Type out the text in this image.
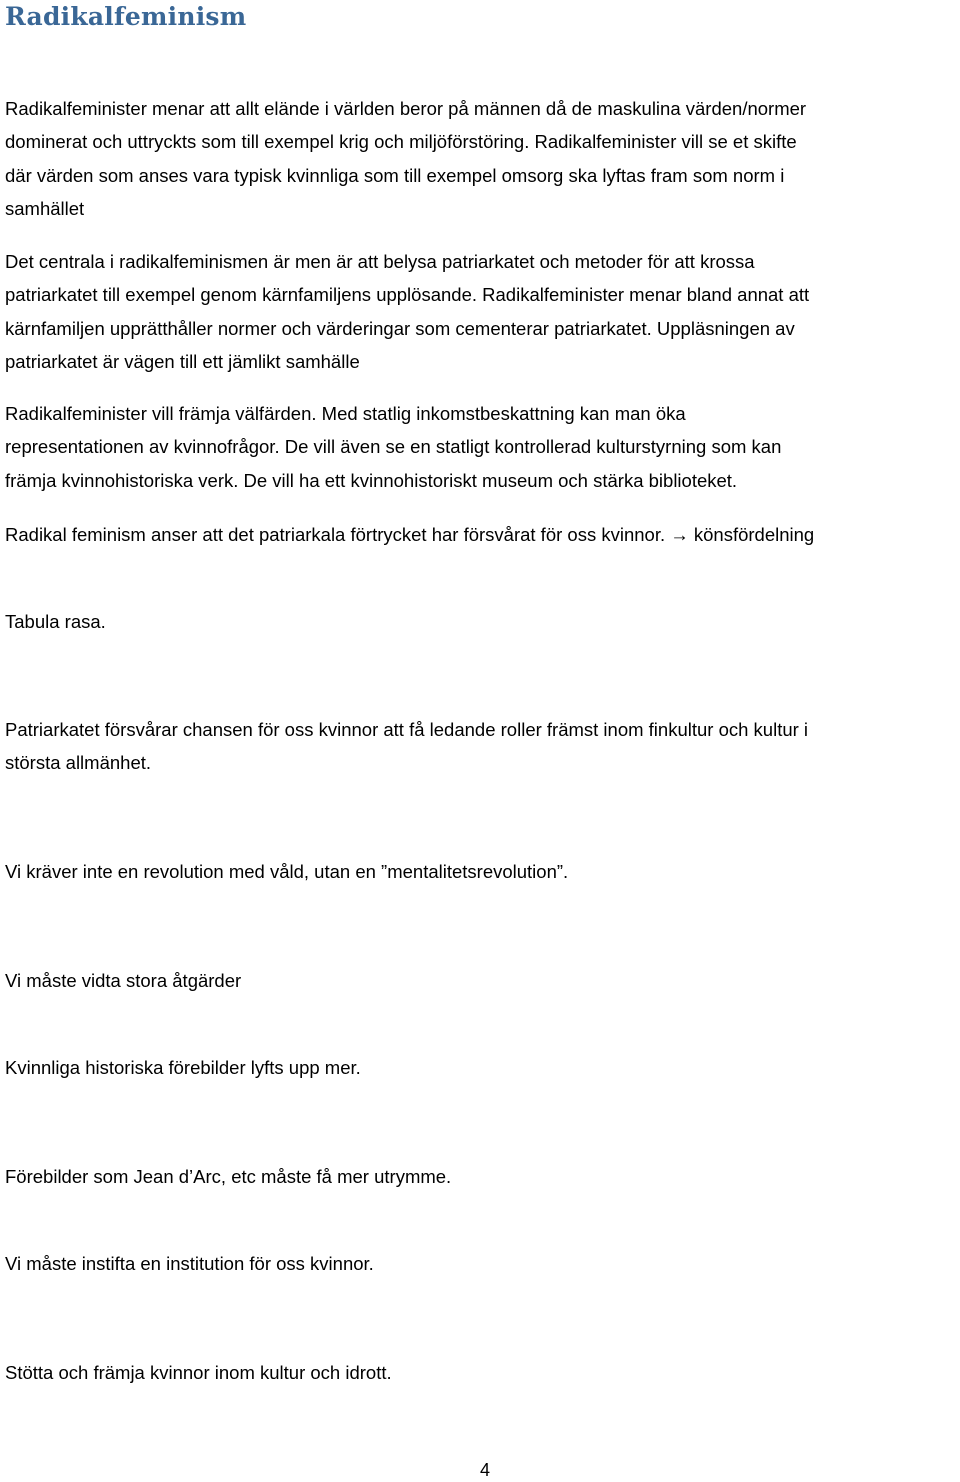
Radikalfeminism

Radikalfeminister menar att allt elände i världen beror på männen då de maskulina värden/normer
dominerat och uttryckts som till exempel krig och miljöförstöring. Radikalfeminister vill se et skifte
där värden som anses vara typisk kvinnliga som till exempel omsorg ska lyftas fram som norm i
samhället

Det centrala i radikalfeminismen är men är att belysa patriarkatet och metoder för att krossa
patriarkatet till exempel genom kärnfamiljens upplösande. Radikalfeminister menar bland annat att
kärnfamiljen upprätthåller normer och värderingar som cementerar patriarkatet. Uppläsningen av
patriarkatet är vägen till ett jämlikt samhälle

Radikalfeminister vill främja välfärden. Med statlig inkomstbeskattning kan man öka
representationen av kvinnofrågor. De vill även se en statligt kontrollerad kulturstyrning som kan
främja kvinnohistoriska verk. De vill ha ett kvinnohistoriskt museum och stärka biblioteket.

Radikal feminism anser att det patriarkala förtrycket har försvårat för oss kvinnor. → könsfördelning

Tabula rasa.

Patriarkatet försvårar chansen för oss kvinnor att få ledande roller främst inom finkultur och kultur i
största allmänhet.

Vi kräver inte en revolution med våld, utan en ”mentalitetsrevolution”.

Vi måste vidta stora åtgärder

Kvinnliga historiska förebilder lyfts upp mer.

Förebilder som Jean d’Arc, etc måste få mer utrymme.

Vi måste instifta en institution för oss kvinnor.

Stötta och främja kvinnor inom kultur och idrott.

4
